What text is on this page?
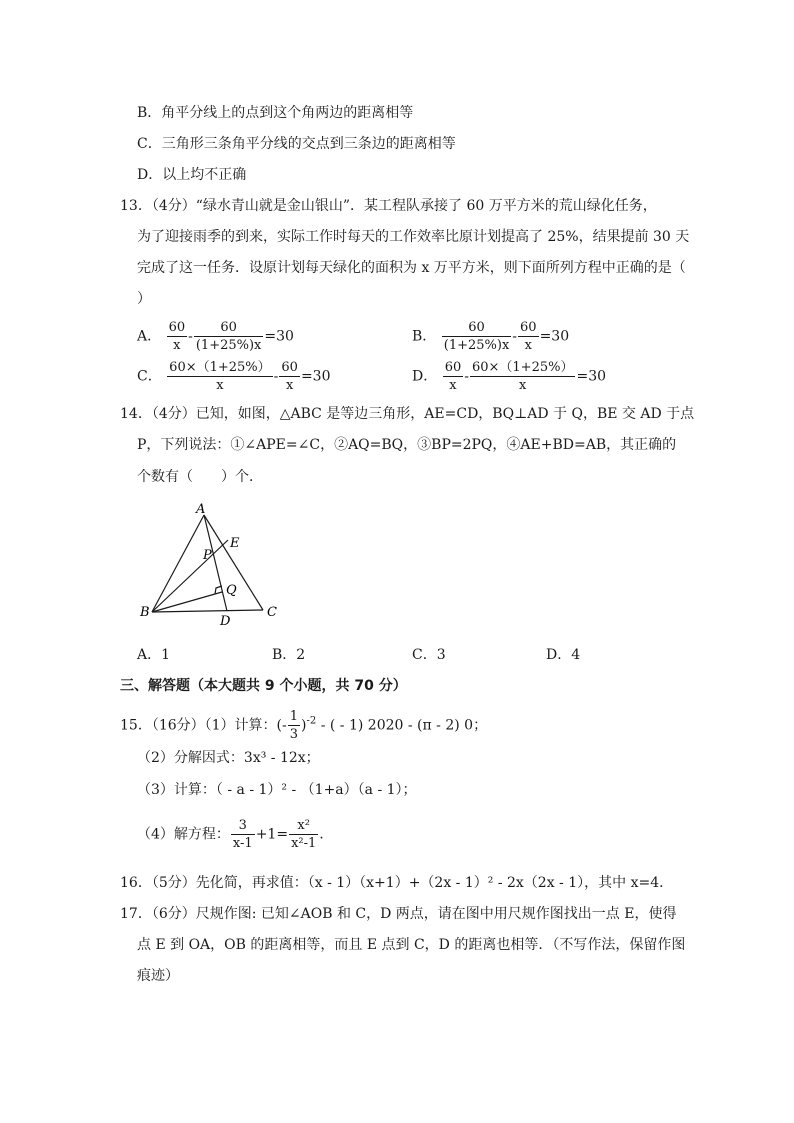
B．角平分线上的点到这个角两边的距离相等
C．三角形三条角平分线的交点到三条边的距离相等
D．以上均不正确
13．（4分）“绿水青山就是金山银山”．某工程队承接了 60 万平方米的荒山绿化任务，
为了迎接雨季的到来，实际工作时每天的工作效率比原计划提高了 25%，结果提前 30 天
完成了这一任务．设原计划每天绿化的面积为 x 万平方米，则下面所列方程中正确的是（
）
A． $\frac{60}{x} - \frac{60}{(1+25\%)x} =30$	B． $\frac{60}{(1+25\%)x} - \frac{60}{x} =30$
C． $\frac{60\times(1+25\%)}{x} - \frac{60}{x} =30$	D． $\frac{60}{x} - \frac{60\times(1+25\%)}{x} =30$
14．（4分）已知，如图，△ABC 是等边三角形，AE=CD，BQ⊥AD 于 Q，BE 交 AD 于点
P，下列说法：①∠APE=∠C，②AQ=BQ，③BP=2PQ，④AE+BD=AB，其正确的
个数有（　　）个．
A
B	C
D
E
P
Q
A．1	B．2	C．3	D．4
三、解答题（本大题共 9 个小题，共 70 分）
15．（16分）（1）计算：(- $\frac{1}{3} )^{-2}$ - ( - 1) 2020 - (π - 2) 0；
（2）分解因式：3x³ - 12x；
（3）计算：（ - a - 1）² - （1+a）（a - 1）；
（4）解方程： $\frac{3}{x-1} +1= \frac{\text{x²}}{\text{x²-1}}$ .
16．（5分）先化简，再求值：（x - 1）（x+1）+（2x - 1）² - 2x（2x - 1），其中 x=4．
17．（6分）尺规作图: 已知∠AOB 和 C，D 两点，请在图中用尺规作图找出一点 E，使得
点 E 到 OA，OB 的距离相等，而且 E 点到 C，D 的距离也相等．（不写作法，保留作图
痕迹）
